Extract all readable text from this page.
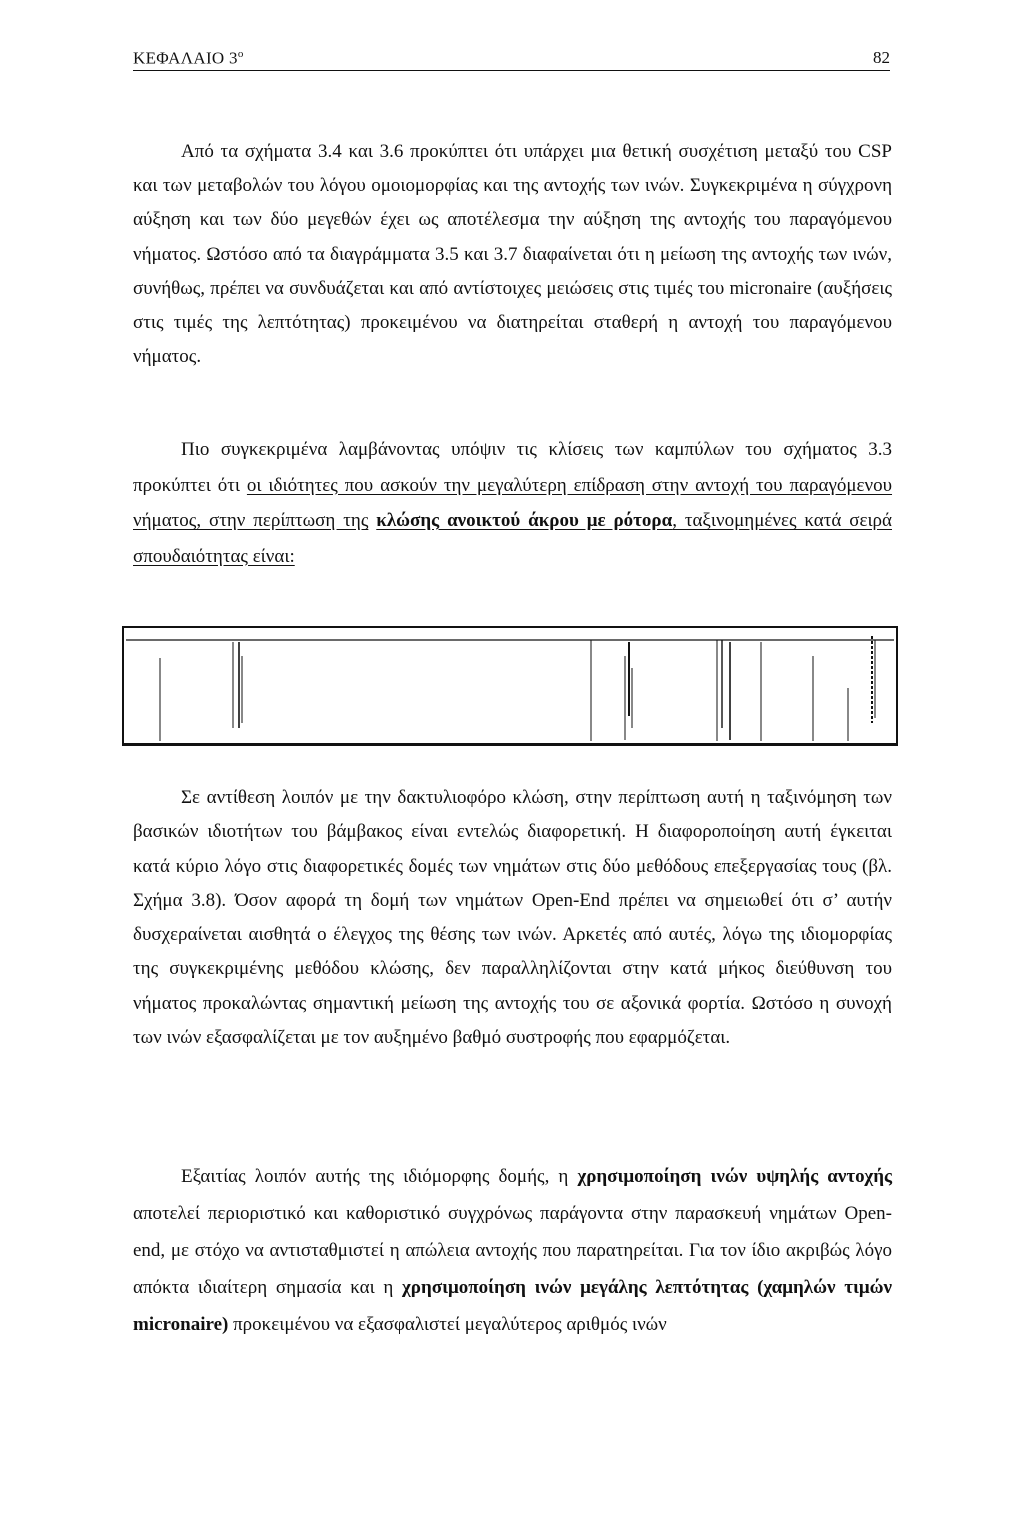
ΚΕΦΑΛΑΙΟ $3^o$	82

Από τα σχήματα 3.4 και 3.6 προκύπτει ότι υπάρχει μια θετική συσχέτιση μεταξύ του CSP και των μεταβολών του λόγου ομοιομορφίας και της αντοχής των ινών. Συγκεκριμένα η σύγχρονη αύξηση και των δύο μεγεθών έχει ως αποτέλεσμα την αύξηση της αντοχής του παραγόμενου νήματος. Ωστόσο από τα διαγράμματα 3.5 και 3.7 διαφαίνεται ότι η μείωση της αντοχής των ινών, συνήθως, πρέπει να συνδυάζεται και από αντίστοιχες μειώσεις στις τιμές του micronaire (αυξήσεις στις τιμές της λεπτότητας) προκειμένου να διατηρείται σταθερή η αντοχή του παραγόμενου νήματος.

Πιο συγκεκριμένα λαμβάνοντας υπόψιν τις κλίσεις των καμπύλων του σχήματος 3.3 προκύπτει ότι οι ιδιότητες που ασκούν την μεγαλύτερη επίδραση στην αντοχή του παραγόμενου νήματος, στην περίπτωση της κλώσης ανοικτού άκρου με ρότορα, ταξινομημένες κατά σειρά σπουδαιότητας είναι:

Σε αντίθεση λοιπόν με την δακτυλιοφόρο κλώση, στην περίπτωση αυτή η ταξινόμηση των βασικών ιδιοτήτων του βάμβακος είναι εντελώς διαφορετική. Η διαφοροποίηση αυτή έγκειται κατά κύριο λόγο στις διαφορετικές δομές των νημάτων στις δύο μεθόδους επεξεργασίας τους (βλ. Σχήμα 3.8). Όσον αφορά τη δομή των νημάτων Open-End πρέπει να σημειωθεί ότι σ’ αυτήν δυσχεραίνεται αισθητά ο έλεγχος της θέσης των ινών. Αρκετές από αυτές, λόγω της ιδιομορφίας της συγκεκριμένης μεθόδου κλώσης, δεν παραλληλίζονται στην κατά μήκος διεύθυνση του νήματος προκαλώντας σημαντική μείωση της αντοχής του σε αξονικά φορτία. Ωστόσο η συνοχή των ινών εξασφαλίζεται με τον αυξημένο βαθμό συστροφής που εφαρμόζεται.

Εξαιτίας λοιπόν αυτής της ιδιόμορφης δομής, η χρησιμοποίηση ινών υψηλής αντοχής αποτελεί περιοριστικό και καθοριστικό συγχρόνως παράγοντα στην παρασκευή νημάτων Open-end, με στόχο να αντισταθμιστεί η απώλεια αντοχής που παρατηρείται. Για τον ίδιο ακριβώς λόγο απόκτα ιδιαίτερη σημασία και η χρησιμοποίηση ινών μεγάλης λεπτότητας (χαμηλών τιμών micronaire) προκειμένου να εξασφαλιστεί μεγαλύτερος αριθμός ινών
